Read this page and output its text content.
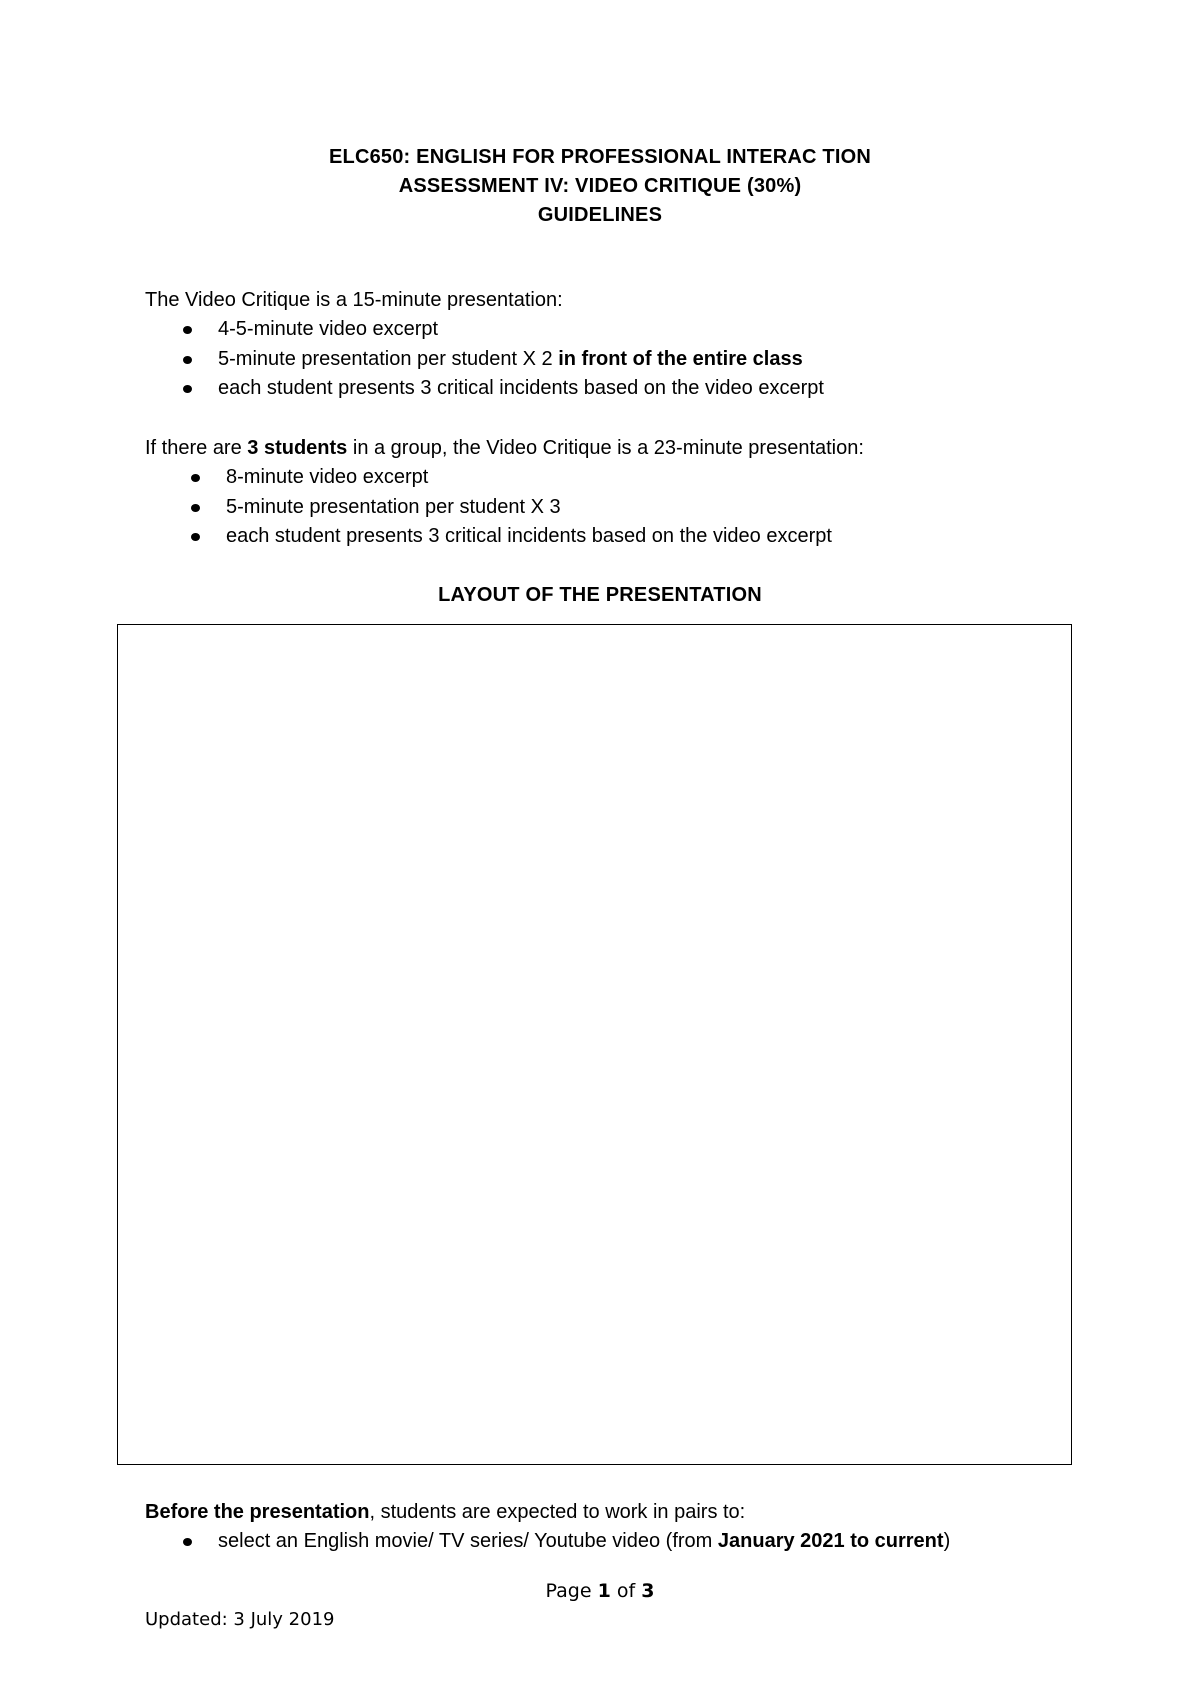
ELC650: ENGLISH FOR PROFESSIONAL INTERAC TION
ASSESSMENT IV: VIDEO CRITIQUE (30%)
GUIDELINES
The Video Critique is a 15-minute presentation:
4-5-minute video excerpt
5-minute presentation per student X 2 in front of the entire class
each student presents 3 critical incidents based on the video excerpt
If there are 3 students in a group, the Video Critique is a 23-minute presentation:
8-minute video excerpt
5-minute presentation per student X 3
each student presents 3 critical incidents based on the video excerpt
LAYOUT OF THE PRESENTATION
Before the presentation, students are expected to work in pairs to:
select an English movie/ TV series/ Youtube video (from January 2021 to current)
Page 1 of 3
Updated: 3 July 2019
